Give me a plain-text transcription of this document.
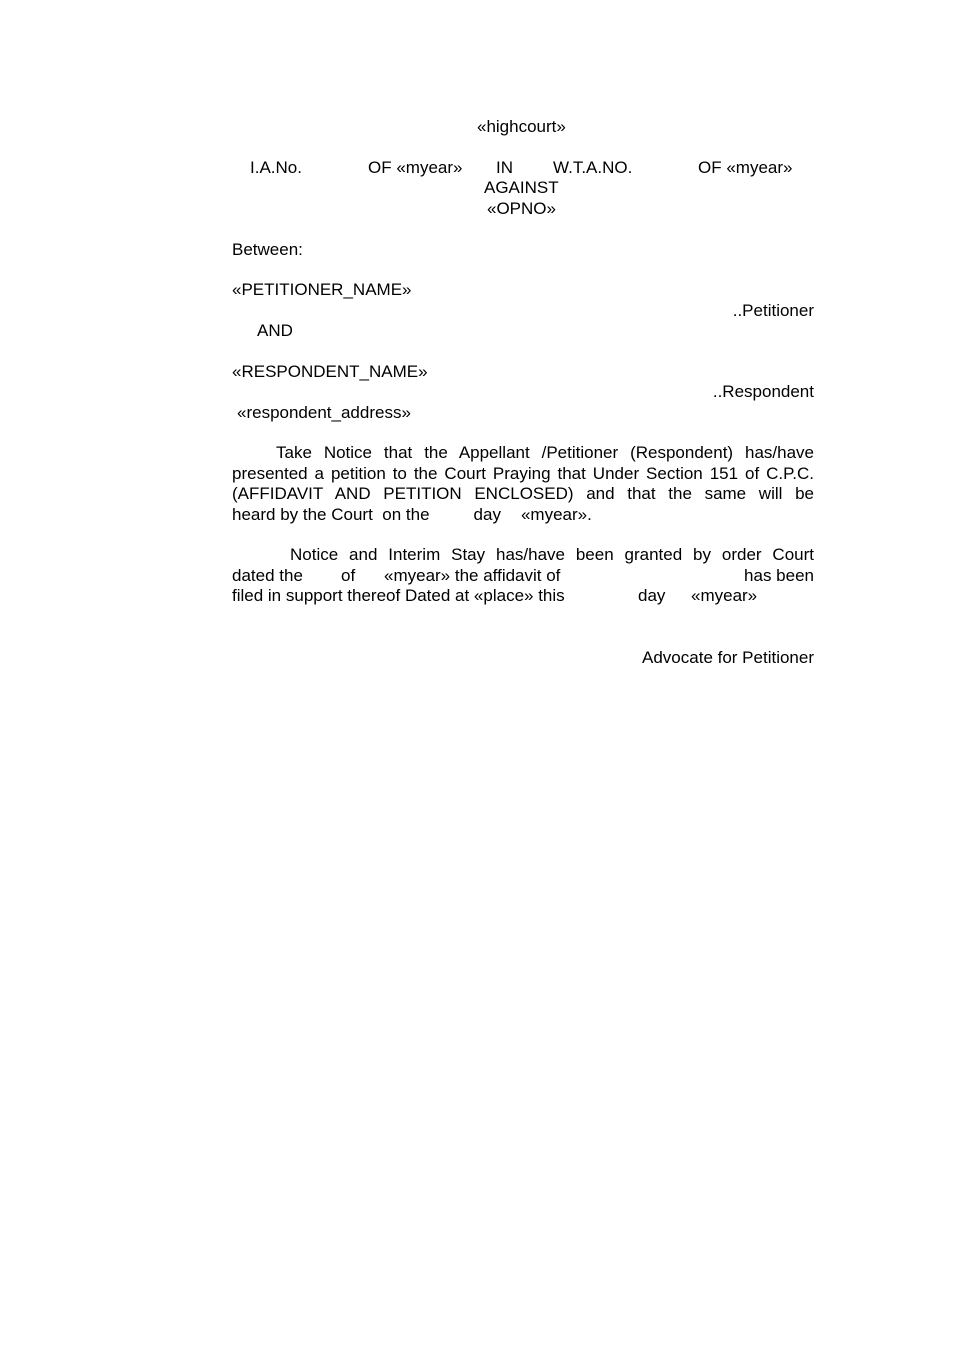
«highcourt»
I.A.No.	OF «myear» IN W.T.A.NO.	OF «myear»
AGAINST
«OPNO»
Between:
«PETITIONER_NAME»
..Petitioner
AND
«RESPONDENT_NAME»
..Respondent
«respondent_address»
Take Notice that the Appellant /Petitioner (Respondent) has/have
presented a petition to the Court Praying that Under Section 151 of C.P.C.
(AFFIDAVIT AND PETITION ENCLOSED) and that the same will be
heard by the Court  on the	day «myear».
Notice and Interim Stay has/have been granted by order Court
dated the of «myear» the affidavit of	has been
filed in support thereof Dated at «place» this	day «myear»
Advocate for Petitioner
